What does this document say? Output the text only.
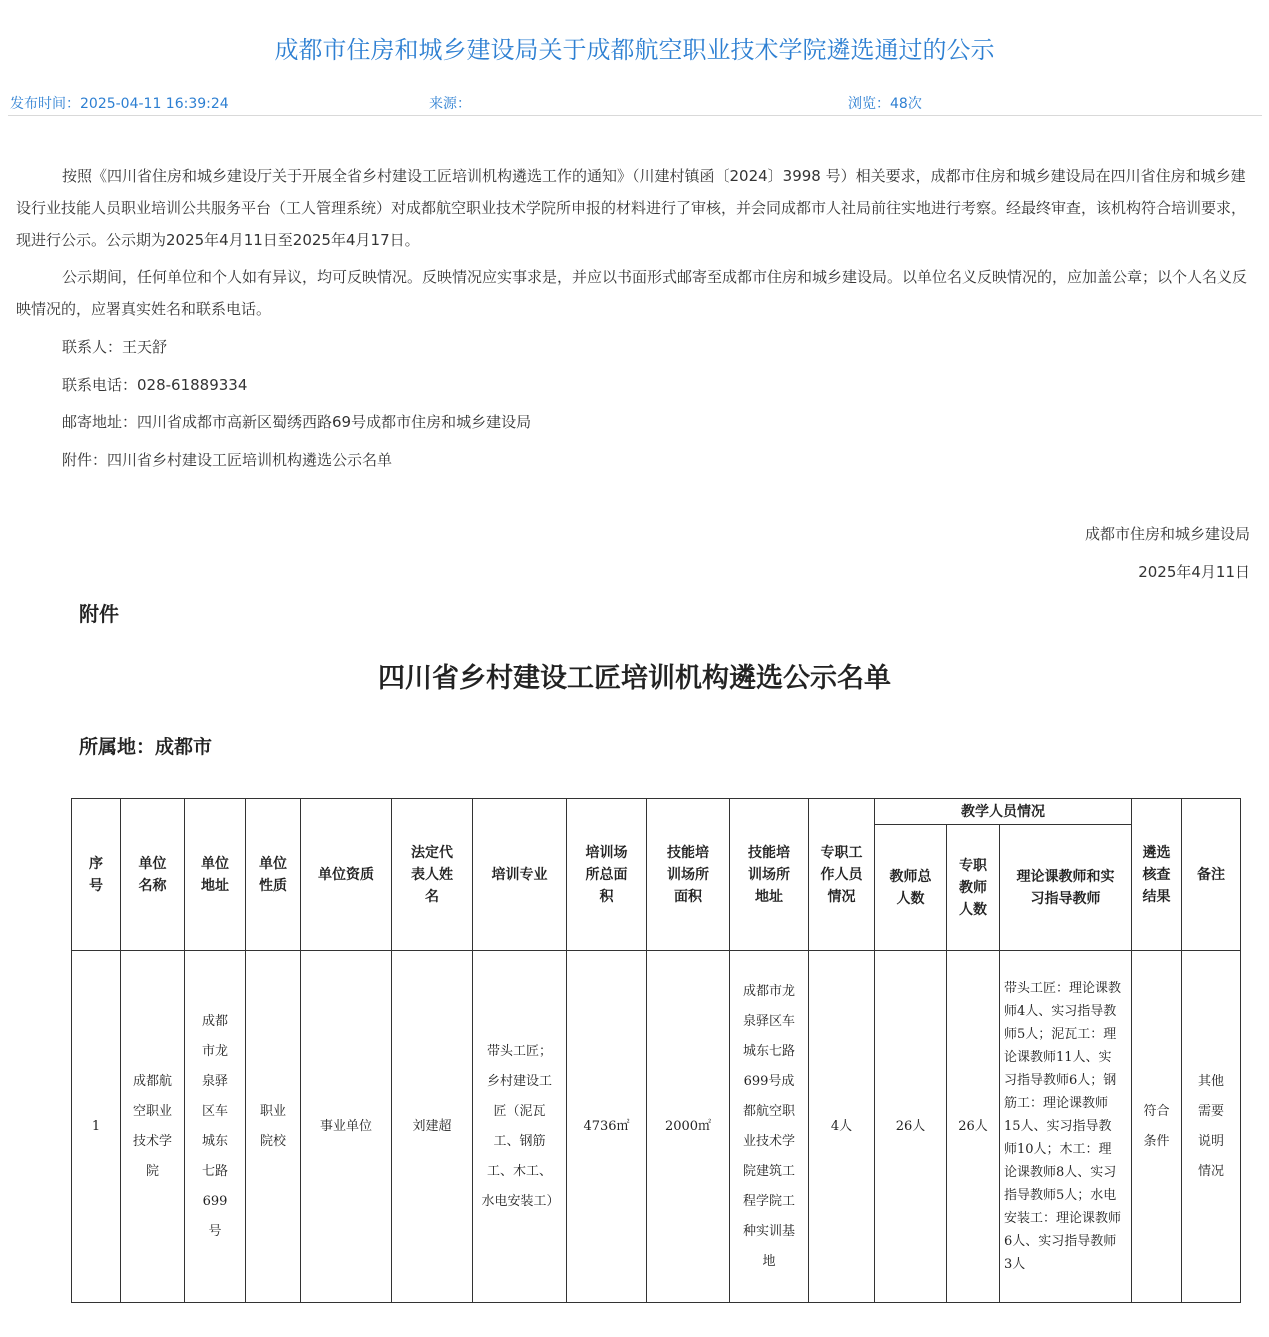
成都市住房和城乡建设局关于成都航空职业技术学院遴选通过的公示
发布时间：2025-04-11 16:39:24	来源：	浏览：48次

按照《四川省住房和城乡建设厅关于开展全省乡村建设工匠培训机构遴选工作的通知》（川建村镇函〔2024〕3998 号）相关要求，成都市住房和城乡建设局在四川省住房和城乡建设行业技能人员职业培训公共服务平台（工人管理系统）对成都航空职业技术学院所申报的材料进行了审核，并会同成都市人社局前往实地进行考察。经最终审查，该机构符合培训要求，现进行公示。公示期为2025年4月11日至2025年4月17日。

公示期间，任何单位和个人如有异议，均可反映情况。反映情况应实事求是，并应以书面形式邮寄至成都市住房和城乡建设局。以单位名义反映情况的，应加盖公章；以个人名义反映情况的，应署真实姓名和联系电话。

联系人：王天舒
联系电话：028-61889334
邮寄地址：四川省成都市高新区蜀绣西路69号成都市住房和城乡建设局
附件：四川省乡村建设工匠培训机构遴选公示名单
成都市住房和城乡建设局
2025年4月11日
附件
四川省乡村建设工匠培训机构遴选公示名单
所属地：成都市
序号	单位名称	单位地址	单位性质	单位资质	法定代表人姓名	培训专业	培训场所总面积	技能培训场所面积	技能培训场所地址	专职工作人员情况	教学人员情况			遴选核查结果	备注
											教师总人数	专职教师人数	理论课教师和实习指导教师		
1	成都航空职业技术学院	成都市龙泉驿区车城东七路699号	职业院校	事业单位	刘建超	带头工匠；乡村建设工匠（泥瓦工、钢筋工、木工、水电安装工）	4736㎡	2000㎡	成都市龙泉驿区车城东七路699号成都航空职业技术学院建筑工程学院工种实训基地	4人	26人	26人	带头工匠：理论课教师4人、实习指导教师5人；泥瓦工：理论课教师11人、实习指导教师6人；钢筋工：理论课教师15人、实习指导教师10人；木工：理论课教师8人、实习指导教师5人；水电安装工：理论课教师6人、实习指导教师3人	符合条件	其他需要说明情况
